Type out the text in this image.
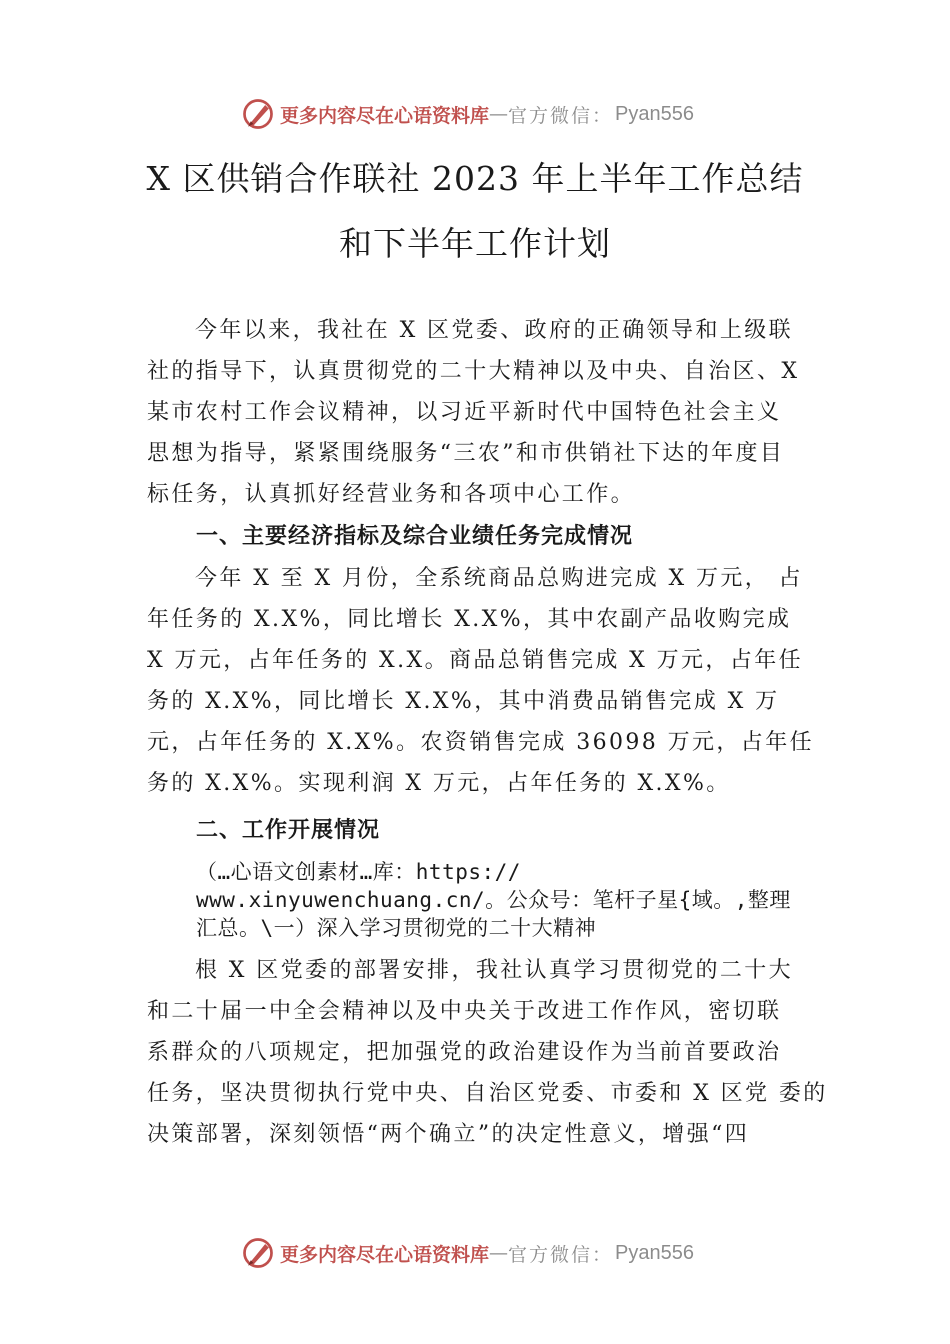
更多内容尽在心语资料库 — 官方微信： Pyan556
X 区供销合作联社 2023 年上半年工作总结
和下半年工作计划
今年以来，我社在 X 区党委、政府的正确领导和上级联
社的指导下，认真贯彻党的二十大精神以及中央、自治区、X
某市农村工作会议精神，以习近平新时代中国特色社会主义
思想为指导，紧紧围绕服务“三农”和市供销社下达的年度目
标任务，认真抓好经营业务和各项中心工作。
一、主要经济指标及综合业绩任务完成情况
今年 X 至 X 月份，全系统商品总购进完成 X 万元， 占
年任务的 X.X%，同比增长 X.X%，其中农副产品收购完成
X 万元，占年任务的 X.X。商品总销售完成 X 万元，占年任
务的 X.X%，同比增长 X.X%，其中消费品销售完成 X 万
元，占年任务的 X.X%。农资销售完成 36098 万元，占年任
务的 X.X%。实现利润 X 万元，占年任务的 X.X%。
二、工作开展情况
（…心语文创素材…库：https://
www.xinyuwenchuang.cn/。公众号：笔杆子星{域。,整理
汇总。\一）深入学习贯彻党的二十大精神
根 X 区党委的部署安排，我社认真学习贯彻党的二十大
和二十届一中全会精神以及中央关于改进工作作风，密切联
系群众的八项规定，把加强党的政治建设作为当前首要政治
任务，坚决贯彻执行党中央、自治区党委、市委和 X 区党 委的
决策部署，深刻领悟“两个确立”的决定性意义，增强“四
更多内容尽在心语资料库 — 官方微信： Pyan556
